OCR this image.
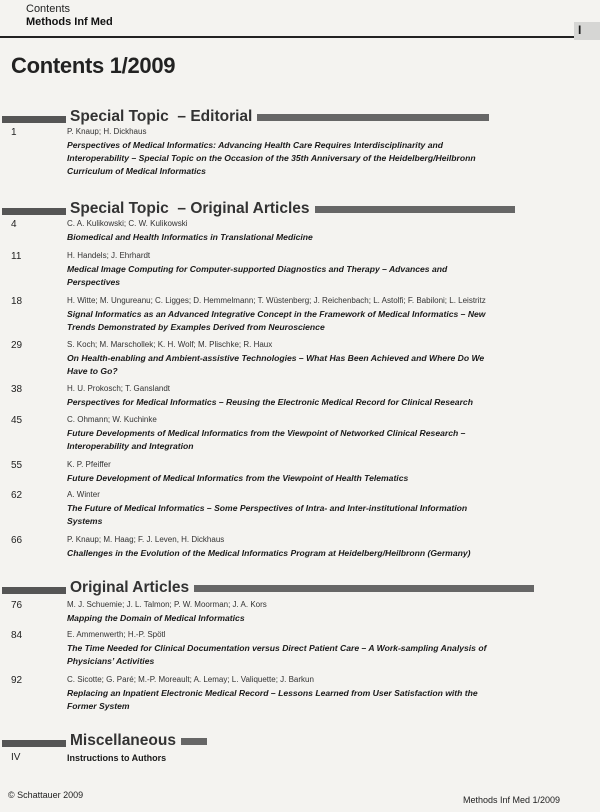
Contents
Methods Inf Med
I
Contents 1/2009
Special Topic
– Editorial
1	P. Knaup; H. Dickhaus
Perspectives of Medical Informatics: Advancing Health Care Requires Interdisciplinarity and Interoperability – Special Topic on the Occasion of the 35th Anniversary of the Heidelberg/Heilbronn Curriculum of Medical Informatics
Special Topic
– Original Articles
4	C. A. Kulikowski; C. W. Kulikowski
Biomedical and Health Informatics in Translational Medicine
11	H. Handels; J. Ehrhardt
Medical Image Computing for Computer-supported Diagnostics and Therapy – Advances and Perspectives
18	H. Witte; M. Ungureanu; C. Ligges; D. Hemmelmann; T. Wüstenberg; J. Reichenbach; L. Astolfi; F. Babiloni; L. Leistritz
Signal Informatics as an Advanced Integrative Concept in the Framework of Medical Informatics – New Trends Demonstrated by Examples Derived from Neuroscience
29	S. Koch; M. Marschollek; K. H. Wolf; M. Plischke; R. Haux
On Health-enabling and Ambient-assistive Technologies – What Has Been Achieved and Where Do We Have to Go?
38	H. U. Prokosch; T. Ganslandt
Perspectives for Medical Informatics – Reusing the Electronic Medical Record for Clinical Research
45	C. Ohmann; W. Kuchinke
Future Developments of Medical Informatics from the Viewpoint of Networked Clinical Research – Interoperability and Integration
55	K. P. Pfeiffer
Future Development of Medical Informatics from the Viewpoint of Health Telematics
62	A. Winter
The Future of Medical Informatics – Some Perspectives of Intra- and Inter-institutional Information Systems
66	P. Knaup; M. Haag; F. J. Leven, H. Dickhaus
Challenges in the Evolution of the Medical Informatics Program at Heidelberg/Heilbronn (Germany)
Original Articles
76	M. J. Schuemie; J. L. Talmon; P. W. Moorman; J. A. Kors
Mapping the Domain of Medical Informatics
84	E. Ammenwerth; H.-P. Spötl
The Time Needed for Clinical Documentation versus Direct Patient Care – A Work-sampling Analysis of Physicians’ Activities
92	C. Sicotte; G. Paré; M.-P. Moreault; A. Lemay; L. Valiquette; J. Barkun
Replacing an Inpatient Electronic Medical Record – Lessons Learned from User Satisfaction with the Former System
Miscellaneous
IV	Instructions to Authors
© Schattauer 2009	Methods Inf Med 1/2009
